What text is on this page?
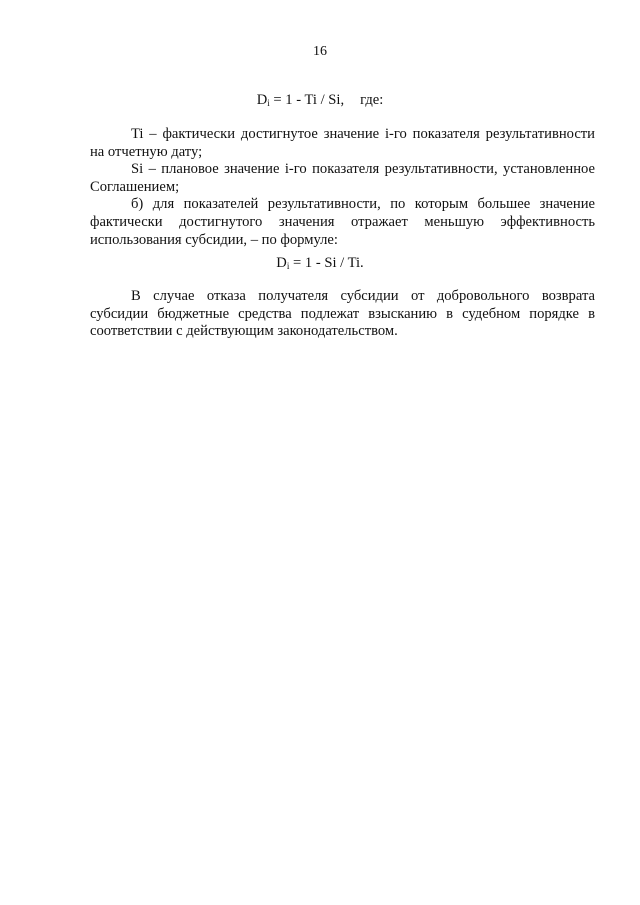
16
$D_i = 1 - Ti / Si$, где:

Ti – фактически достигнутое значение i-го показателя результативности на отчетную дату;

Si – плановое значение i-го показателя результативности, установленное Соглашением;

б) для показателей результативности, по которым большее значение фактически достигнутого значения отражает меньшую эффективность использования субсидии, – по формуле:

$D_i = 1 - Si / Ti$.

В случае отказа получателя субсидии от добровольного возврата субсидии бюджетные средства подлежат взысканию в судебном порядке в соответствии с действующим законодательством.
